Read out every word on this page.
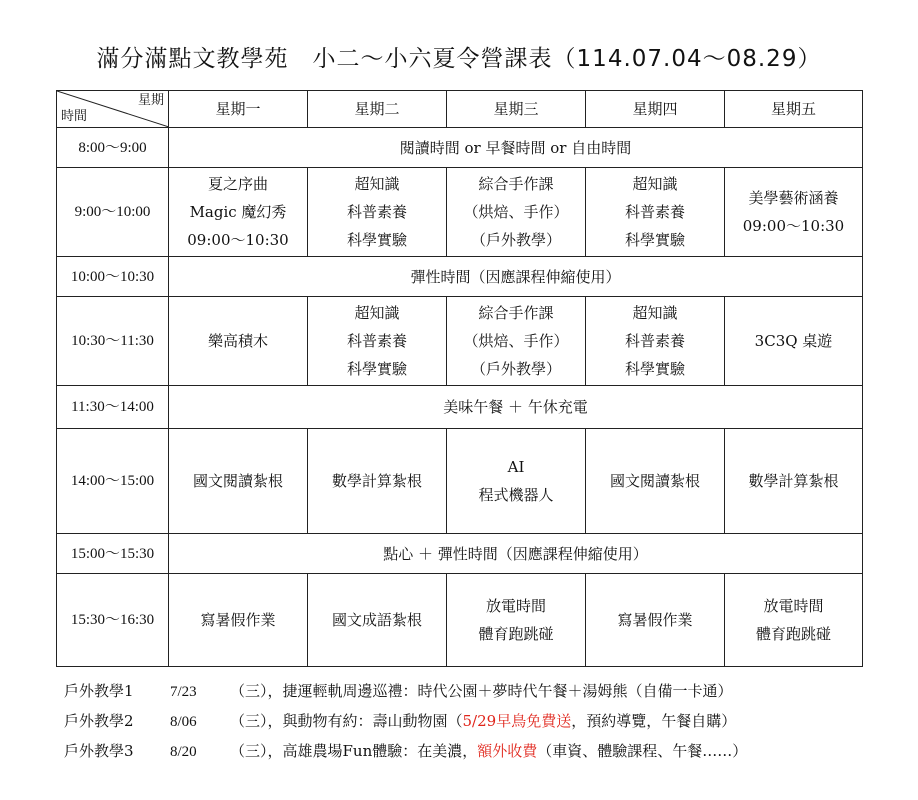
滿分滿點文教學苑　小二～小六夏令營課表（114.07.04～08.29）
星期
時間	星期一	星期二	星期三	星期四	星期五
8:00～9:00	閱讀時間 or 早餐時間 or 自由時間				
9:00～10:00	夏之序曲
Magic 魔幻秀
09:00～10:30	超知識
科普素養
科學實驗	綜合手作課
（烘焙、手作）
（戶外教學）	超知識
科普素養
科學實驗	美學藝術涵養
09:00～10:30

10:00～10:30	彈性時間（因應課程伸縮使用）				
10:30～11:30	樂高積木	超知識
科普素養
科學實驗	綜合手作課
（烘焙、手作）
（戶外教學）	超知識
科普素養
科學實驗	3C3Q 桌遊
11:30～14:00	美味午餐 ＋ 午休充電				
14:00～15:00	國文閱讀紮根	數學計算紮根	AI
程式機器人	國文閱讀紮根	數學計算紮根
15:00～15:30	點心 ＋ 彈性時間（因應課程伸縮使用）				
15:30～16:30	寫暑假作業	國文成語紮根	放電時間
體育跑跳碰	寫暑假作業	放電時間
體育跑跳碰
戶外教學1 7/23 （三），捷運輕軌周邊巡禮：時代公園＋夢時代午餐＋湯姆熊（自備一卡通）
戶外教學2 8/06 （三），與動物有約：壽山動物園（5/29早鳥免費送，預約導覽，午餐自購）
戶外教學3 8/20 （三），高雄農場Fun體驗：在美濃，額外收費（車資、體驗課程、午餐……）
